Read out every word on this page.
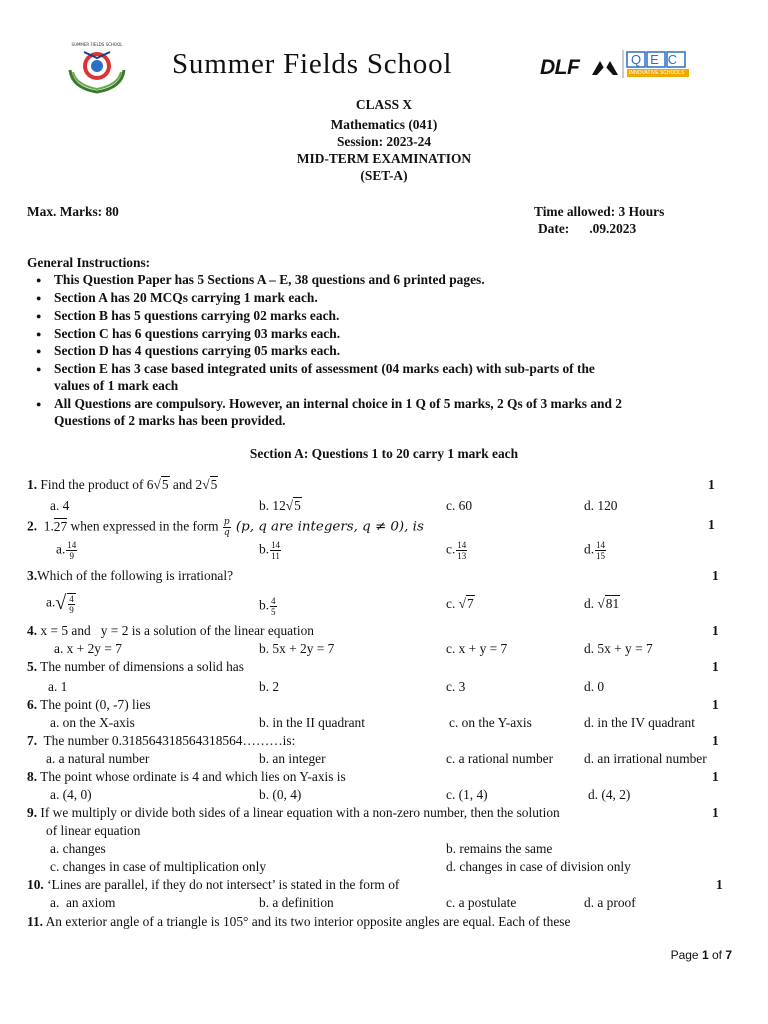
SUMMER FIELDS SCHOOL
Summer Fields School	DLF	QEC
INNOVATIVE SCHOOLS
CLASS X
Mathematics (041)
Session: 2023-24
MID-TERM EXAMINATION
(SET-A)
Max. Marks: 80	Time allowed: 3 Hours
Date:      .09.2023
General Instructions:
● This Question Paper has 5 Sections A – E, 38 questions and 6 printed pages.
● Section A has 20 MCQs carrying 1 mark each.
● Section B has 5 questions carrying 02 marks each.
● Section C has 6 questions carrying 03 marks each.
● Section D has 4 questions carrying 05 marks each.
● Section E has 3 case based integrated units of assessment (04 marks each) with sub-parts of the
values of 1 mark each
● All Questions are compulsory. However, an internal choice in 1 Q of 5 marks, 2 Qs of 3 marks and 2
Questions of 2 marks has been provided.
Section A: Questions 1 to 20 carry 1 mark each
1. Find the product of 6√5 and 2√5	1
a. 4	b. 12√5	c. 60	d. 120
2.  1.27 when expressed in the form $\frac{p}{q} (p$, q are integers, q ≠ 0), is	1
a. $\frac{14}{9}$	b. $\frac{14}{11}$	c. $\frac{14}{13}$	d. $\frac{14}{15}$
3.Which of the following is irrational?	1
$a.√ \frac{4}{9}$	b. $\frac{4}{5}$	c. √7	d. √81
4. x = 5 and   y = 2 is a solution of the linear equation	1
a. x + 2y = 7	b. 5x + 2y = 7	c. x + y = 7	d. 5x + y = 7
5. The number of dimensions a solid has	1
a. 1	b. 2	c. 3	d. 0
6. The point (0, -7) lies	1
a. on the X-axis	b. in the II quadrant	c. on the Y-axis	d. in the IV quadrant
7.  The number 0.318564318564318564………is:	1
a. a natural number	b. an integer	c. a rational number d. an irrational number
8. The point whose ordinate is 4 and which lies on Y-axis is	1
a. (4, 0)	b. (0, 4)	c. (1, 4)	d. (4, 2)
9. If we multiply or divide both sides of a linear equation with a non-zero number, then the solution
of linear equation
1
a. changes	b. remains the same
c. changes in case of multiplication only	d. changes in case of division only
10. ‘Lines are parallel, if they do not intersect’ is stated in the form of	1
a.  an axiom	b. a definition	c. a postulate	d. a proof
11. An exterior angle of a triangle is 105° and its two interior opposite angles are equal. Each of these
Page 1 of 7
